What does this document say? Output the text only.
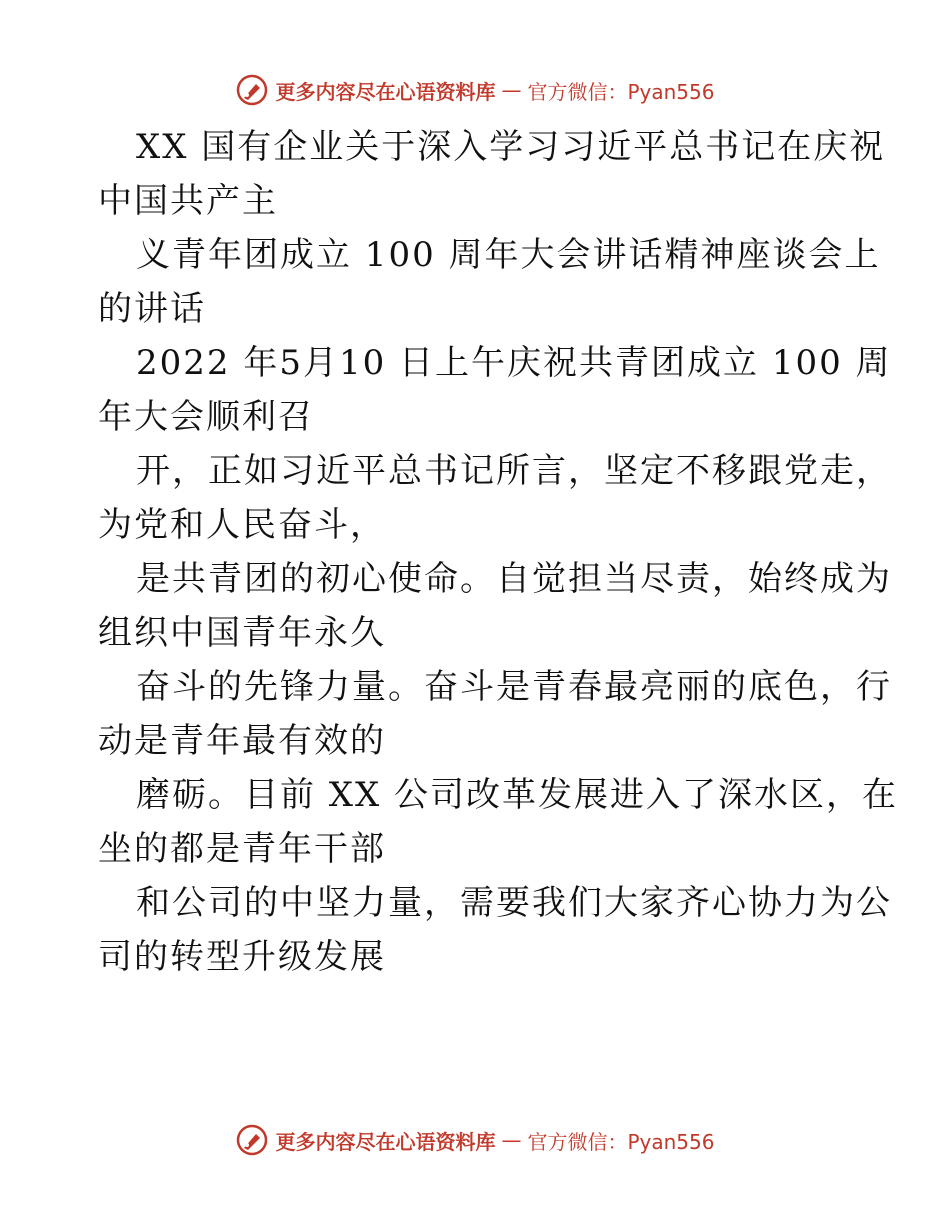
更多内容尽在心语资料库 — 官方微信：Pyan556
XX 国有企业关于深入学习习近平总书记在庆祝
中国共产主
义青年团成立 100 周年大会讲话精神座谈会上
的讲话
2022 年5月10 日上午庆祝共青团成立 100 周
年大会顺利召
开，正如习近平总书记所言，坚定不移跟党走，
为党和人民奋斗，
是共青团的初心使命。自觉担当尽责，始终成为
组织中国青年永久
奋斗的先锋力量。奋斗是青春最亮丽的底色，行
动是青年最有效的
磨砺。目前 XX 公司改革发展进入了深水区，在
坐的都是青年干部
和公司的中坚力量，需要我们大家齐心协力为公
司的转型升级发展
更多内容尽在心语资料库 — 官方微信：Pyan556
